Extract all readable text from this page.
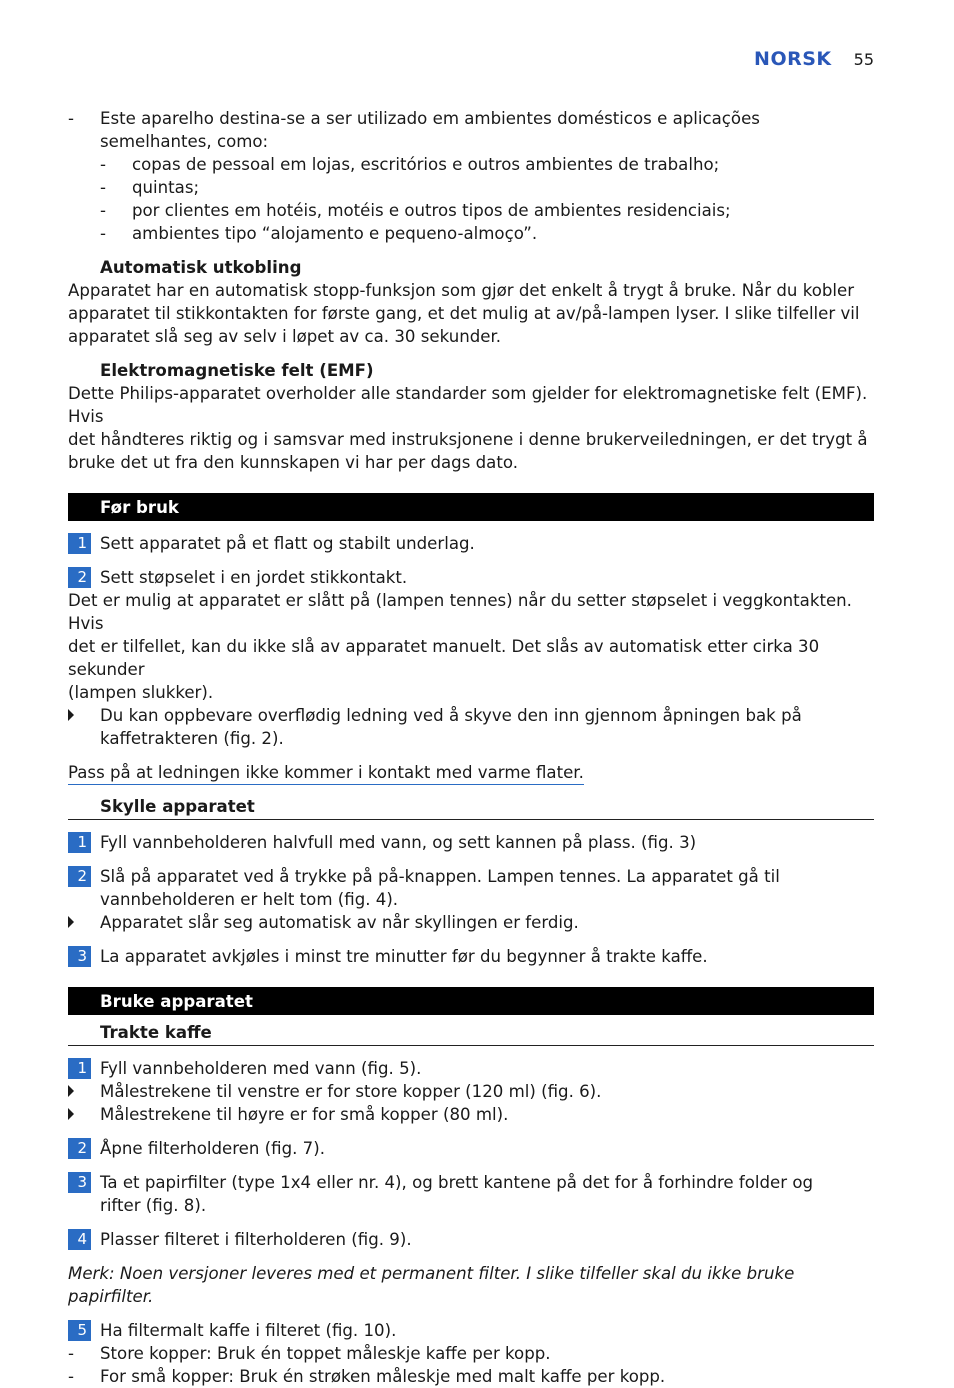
NORSK 55
- Este aparelho destina-se a ser utilizado em ambientes domésticos e aplicações semelhantes, como:
- copas de pessoal em lojas, escritórios e outros ambientes de trabalho;
- quintas;
- por clientes em hotéis, motéis e outros tipos de ambientes residenciais;
- ambientes tipo “alojamento e pequeno-almoço”.
Automatisk utkobling
Apparatet har en automatisk stopp-funksjon som gjør det enkelt å trygt å bruke. Når du kobler
apparatet til stikkontakten for første gang, et det mulig at av/på-lampen lyser. I slike tilfeller vil
apparatet slå seg av selv i løpet av ca. 30 sekunder.
Elektromagnetiske felt (EMF)
Dette Philips-apparatet overholder alle standarder som gjelder for elektromagnetiske felt (EMF). Hvis
det håndteres riktig og i samsvar med instruksjonene i denne brukerveiledningen, er det trygt å
bruke det ut fra den kunnskapen vi har per dags dato.
Før bruk
1 Sett apparatet på et flatt og stabilt underlag.
2 Sett støpselet i en jordet stikkontakt.
Det er mulig at apparatet er slått på (lampen tennes) når du setter støpselet i veggkontakten. Hvis
det er tilfellet, kan du ikke slå av apparatet manuelt. Det slås av automatisk etter cirka 30 sekunder
(lampen slukker).
Du kan oppbevare overflødig ledning ved å skyve den inn gjennom åpningen bak på
kaffetrakteren (fig. 2).
Pass på at ledningen ikke kommer i kontakt med varme flater.
Skylle apparatet
1 Fyll vannbeholderen halvfull med vann, og sett kannen på plass. (fig. 3)
2 Slå på apparatet ved å trykke på på-knappen. Lampen tennes. La apparatet gå til
vannbeholderen er helt tom (fig. 4).
Apparatet slår seg automatisk av når skyllingen er ferdig.
3 La apparatet avkjøles i minst tre minutter før du begynner å trakte kaffe.
Bruke apparatet
Trakte kaffe
1 Fyll vannbeholderen med vann (fig. 5).
Målestrekene til venstre er for store kopper (120 ml) (fig. 6).
Målestrekene til høyre er for små kopper (80 ml).
2 Åpne filterholderen (fig. 7).
3 Ta et papirfilter (type 1x4 eller nr. 4), og brett kantene på det for å forhindre folder og
rifter (fig. 8).
4 Plasser filteret i filterholderen (fig. 9).
Merk: Noen versjoner leveres med et permanent filter. I slike tilfeller skal du ikke bruke papirfilter.
5 Ha filtermalt kaffe i filteret (fig. 10).
- Store kopper: Bruk én toppet måleskje kaffe per kopp.
- For små kopper: Bruk én strøken måleskje med malt kaffe per kopp.
